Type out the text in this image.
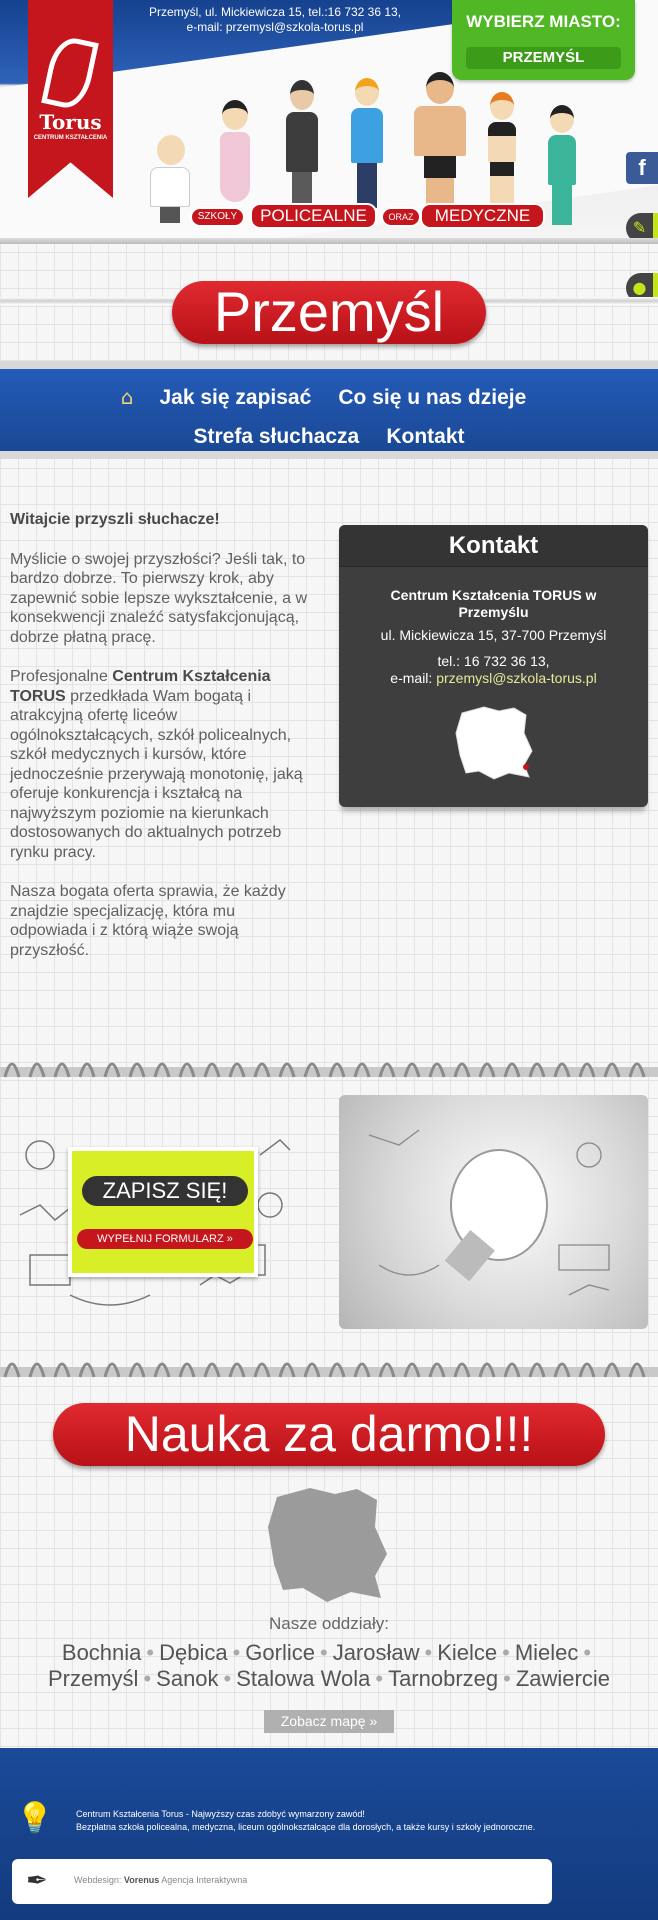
SZKOŁY	POLICEALNE	ORAZ	MEDYCZNE
Torus
CENTRUM KSZTAŁCENIA
Przemyśl, ul. Mickiewicza 15, tel.:16 732 36 13,
e-mail: przemysl@szkola-torus.pl	WYBIERZ MIASTO:
PRZEMYŚL
f
✎
●
Przemyśl
⌂ Jak się zapisać Co się u nas dzieje
Strefa słuchacza Kontakt

Witajcie przyszli słuchacze!

Myślicie o swojej przyszłości? Jeśli tak, to bardzo dobrze. To pierwszy krok, aby zapewnić sobie lepsze wykształcenie, a w konsekwencji znaleźć satysfakcjonującą, dobrze płatną pracę.

Profesjonalne Centrum Kształcenia TORUS przedkłada Wam bogatą i atrakcyjną ofertę liceów ogólnokształcących, szkół policealnych, szkół medycznych i kursów, które jednocześnie przerywają monotonię, jaką oferuje konkurencja i kształcą na najwyższym poziomie na kierunkach dostosowanych do aktualnych potrzeb rynku pracy.

Nasza bogata oferta sprawia, że każdy znajdzie specjalizację, która mu odpowiada i z którą wiąże swoją przyszłość.

Kontakt
Centrum Kształcenia TORUS w Przemyślu
ul. Mickiewicza 15, 37-700 Przemyśl
tel.: 16 732 36 13,
e-mail: przemysl@szkola-torus.pl
ZAPISZ SIĘ!
WYPEŁNIJ FORMULARZ »
Nauka za darmo!!!
Nasze oddziały:
Bochnia • Dębica • Gorlice • Jarosław • Kielce • Mielec •
Przemyśl • Sanok • Stalowa Wola • Tarnobrzeg • Zawiercie
Zobacz mapę »
💡	Centrum Kształcenia Torus - Najwyższy czas zdobyć wymarzony zawód!
Bezpłatna szkoła policealna, medyczna, liceum ogólnokształcące dla dorosłych, a także kursy i szkoły jednoroczne.
✒	Webdesign: Vorenus Agencja Interaktywna
